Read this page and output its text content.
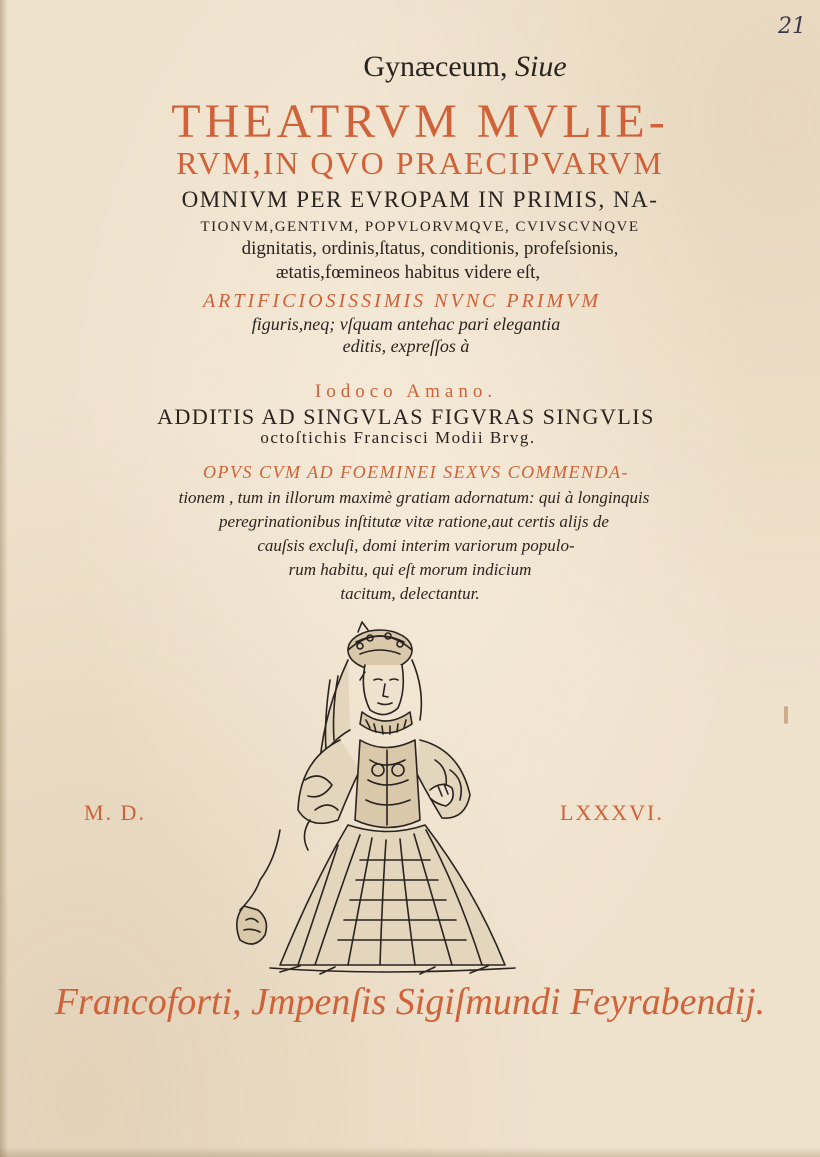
21
Gynæceum, Siue
THEATRVM MVLIE-
RVM,IN QVO PRAECIPVARVM
OMNIVM PER EVROPAM IN PRIMIS, NA-
TIONVM,GENTIVM, POPVLORVMQVE, CVIVSCVNQVE
dignitatis, ordinis,ſtatus, conditionis, profeſsionis,
ætatis,fœmineos habitus videre eſt,
ARTIFICIOSISSIMIS NVNC PRIMVM
figuris,neq; vſquam antehac pari elegantia
editis, expreſſos à
Iodoco Amano.
ADDITIS AD SINGVLAS FIGVRAS SINGVLIS
octoſtichis Francisci Modii Brvg.
OPVS CVM AD FOEMINEI SEXVS COMMENDA-
tionem , tum in illorum maximè gratiam adornatum: qui à longinquis
peregrinationibus inſtitutæ vitæ ratione,aut certis alijs de
cauſsis excluſi, domi interim variorum populo-
rum habitu, qui eſt morum indicium
tacitum, delectantur.
M. D.	LXXXVI.
Francoforti, Jmpenſis Sigiſmundi Feyrabendij.
